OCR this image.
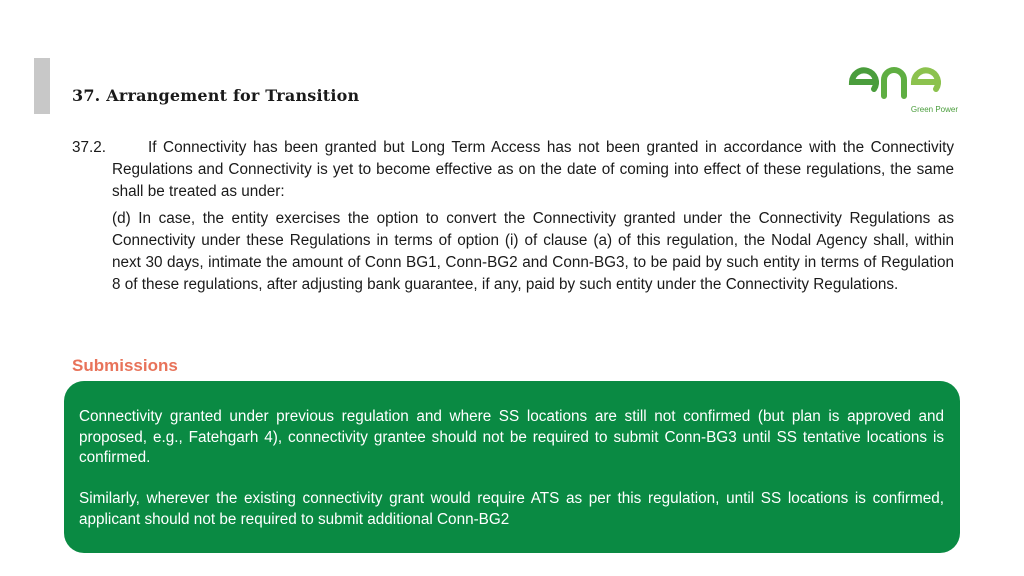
37. Arrangement for Transition
Green Power

37.2.	If Connectivity has been granted but Long Term Access has not been granted in accordance with the Connectivity Regulations and Connectivity is yet to become effective as on the date of coming into effect of these regulations, the same shall be treated as under:

(d) In case, the entity exercises the option to convert the Connectivity granted under the Connectivity Regulations as Connectivity under these Regulations in terms of option (i) of clause (a) of this regulation, the Nodal Agency shall, within next 30 days, intimate the amount of Conn BG1, Conn-BG2 and Conn-BG3, to be paid by such entity in terms of Regulation 8 of these regulations, after adjusting bank guarantee, if any, paid by such entity under the Connectivity Regulations.

Submissions

Connectivity granted under previous regulation and where SS locations are still not confirmed (but plan is approved and proposed, e.g., Fatehgarh 4), connectivity grantee should not be required to submit Conn-BG3 until SS tentative locations is confirmed.

Similarly, wherever the existing connectivity grant would require ATS as per this regulation, until SS locations is confirmed, applicant should not be required to submit additional Conn-BG2
